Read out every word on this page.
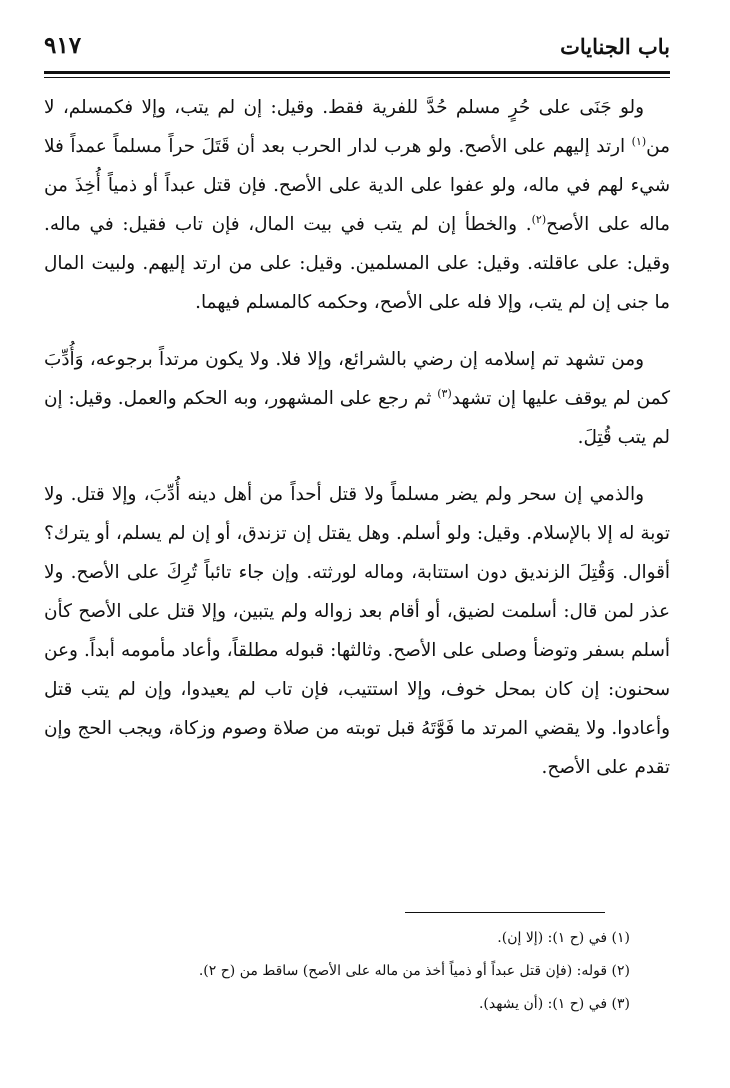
باب الجنايات
٩١٧

ولو جَنَى على حُرٍ مسلم حُدَّ للفرية فقط. وقيل: إن لم يتب، وإلا فكمسلم، لا من$^{(١)}$ ارتد إليهم على الأصح. ولو هرب لدار الحرب بعد أن قَتَلَ حراً مسلماً عمداً فلا شيء لهم في ماله، ولو عفوا على الدية على الأصح. فإن قتل عبداً أو ذمياً أُخِذَ من ماله على الأصح$^{(٢)}$. والخطأ إن لم يتب في بيت المال، فإن تاب فقيل: في ماله. وقيل: على عاقلته. وقيل: على المسلمين. وقيل: على من ارتد إليهم. ولبيت المال ما جنى إن لم يتب، وإلا فله على الأصح، وحكمه كالمسلم فيهما.

ومن تشهد تم إسلامه إن رضي بالشرائع، وإلا فلا. ولا يكون مرتداً برجوعه، وَأُدِّبَ كمن لم يوقف عليها إن تشهد$^{(٣)}$ ثم رجع على المشهور، وبه الحكم والعمل. وقيل: إن لم يتب قُتِلَ.

والذمي إن سحر ولم يضر مسلماً ولا قتل أحداً من أهل دينه أُدِّبَ، وإلا قتل. ولا توبة له إلا بالإسلام. وقيل: ولو أسلم. وهل يقتل إن تزندق، أو إن لم يسلم، أو يترك؟ أقوال. وَقُتِلَ الزنديق دون استتابة، وماله لورثته. وإن جاء تائباً تُرِكَ على الأصح. ولا عذر لمن قال: أسلمت لضيق، أو أقام بعد زواله ولم يتبين، وإلا قتل على الأصح كأن أسلم بسفر وتوضأ وصلى على الأصح. وثالثها: قبوله مطلقاً، وأعاد مأمومه أبداً. وعن سحنون: إن كان بمحل خوف، وإلا استتيب، فإن تاب لم يعيدوا، وإن لم يتب قتل وأعادوا. ولا يقضي المرتد ما فَوَّتَهُ قبل توبته من صلاة وصوم وزكاة، ويجب الحج وإن تقدم على الأصح.

(١) في (ح ١): (إلا إن).
(٢) قوله: (فإن قتل عبداً أو ذمياً أخذ من ماله على الأصح) ساقط من (ح ٢).
(٣) في (ح ١): (أن يشهد).
